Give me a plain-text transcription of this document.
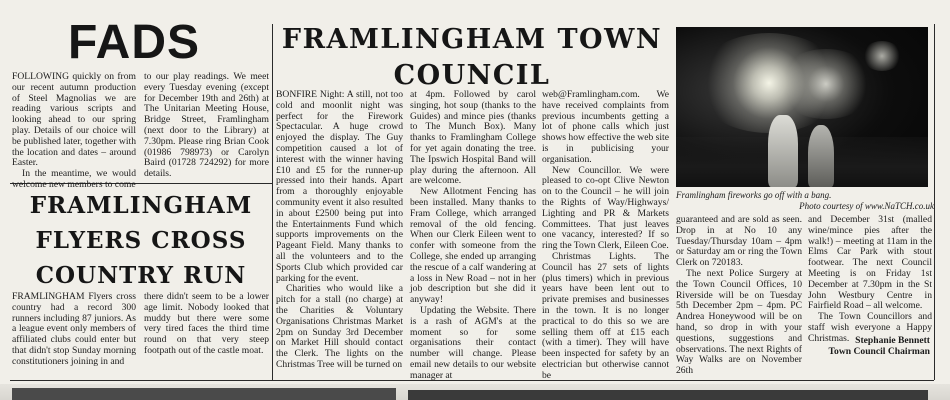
FADS

FOLLOWING quickly on from our recent autumn production of Steel Magnolias we are reading various scripts and looking ahead to our spring play. Details of our choice will be published later, together with the location and dates – around Easter.

In the meantime, we would welcome new members to come

to our play readings. We meet every Tuesday evening (except for December 19th and 26th) at The Unitarian Meeting House, Bridge Street, Framlingham (next door to the Library) at 7.30pm. Please ring Brian Cook (01986 798973) or Carolyn Baird (01728 724292) for more details.

FRAMLINGHAM FLYERS CROSS COUNTRY RUN

FRAMLINGHAM Flyers cross country had a record 300 runners including 87 juniors. As a league event only members of affiliated clubs could enter but that didn't stop Sunday morning constitutioners joining in and

there didn't seem to be a lower age limit. Nobody looked that muddy but there were some very tired faces the third time round on that very steep footpath out of the castle moat.

FRAMLINGHAM TOWN COUNCIL

BONFIRE Night: A still, not too cold and moonlit night was perfect for the Firework Spectacular. A huge crowd enjoyed the display. The Guy competition caused a lot of interest with the winner having £10 and £5 for the runner-up pressed into their hands. Apart from a thoroughly enjoyable community event it also resulted in about £2500 being put into the Entertainments Fund which supports improvements on the Pageant Field. Many thanks to all the volunteers and to the Sports Club which provided car parking for the event.

Charities who would like a pitch for a stall (no charge) at the Charities & Voluntary Organisations Christmas Market 2pm on Sunday 3rd December on Market Hill should contact the Clerk. The lights on the Christmas Tree will be turned on

at 4pm. Followed by carol singing, hot soup (thanks to the Guides) and mince pies (thanks to The Munch Box). Many thanks to Framlingham College for yet again donating the tree. The Ipswich Hospital Band will play during the afternoon. All are welcome.

New Allotment Fencing has been installed. Many thanks to Fram College, which arranged removal of the old fencing. When our Clerk Eileen went to confer with someone from the College, she ended up arranging the rescue of a calf wandering at a loss in New Road – not in her job description but she did it anyway!

Updating the Website. There is a rash of AGM's at the moment so for some organisations their contact number will change. Please email new details to our website manager at

web@Framlingham.com. We have received complaints from previous incumbents getting a lot of phone calls which just shows how effective the web site is in publicising your organisation.

New Councillor. We were pleased to co-opt Clive Newton on to the Council – he will join the Rights of Way/Highways/ Lighting and PR & Markets Committees. That just leaves one vacancy, interested? If so ring the Town Clerk, Eileen Coe.

Christmas Lights. The Council has 27 sets of lights (plus timers) which in previous years have been lent out to private premises and businesses in the town. It is no longer practical to do this so we are selling them off at £15 each (with a timer). They will have been inspected for safety by an electrician but otherwise cannot be

Framlingham fireworks go off with a bang.
Photo courtesy of www.NaTCH.co.uk

guaranteed and are sold as seen. Drop in at No 10 any Tuesday/Thursday 10am – 4pm or Saturday am or ring the Town Clerk on 720183.

The next Police Surgery at the Town Council Offices, 10 Riverside will be on Tuesday 5th December 2pm – 4pm. PC Andrea Honeywood will be on hand, so drop in with your questions, suggestions and observations. The next Rights of Way Walks are on November 26th

and December 31st (malled wine/mince pies after the walk!) – meeting at 11am in the Elms Car Park with stout footwear. The next Council Meeting is on Friday 1st December at 7.30pm in the St John Westbury Centre in Fairfield Road – all welcome.

The Town Councillors and staff wish everyone a Happy Christmas. Stephanie Bennett
Town Council Chairman
